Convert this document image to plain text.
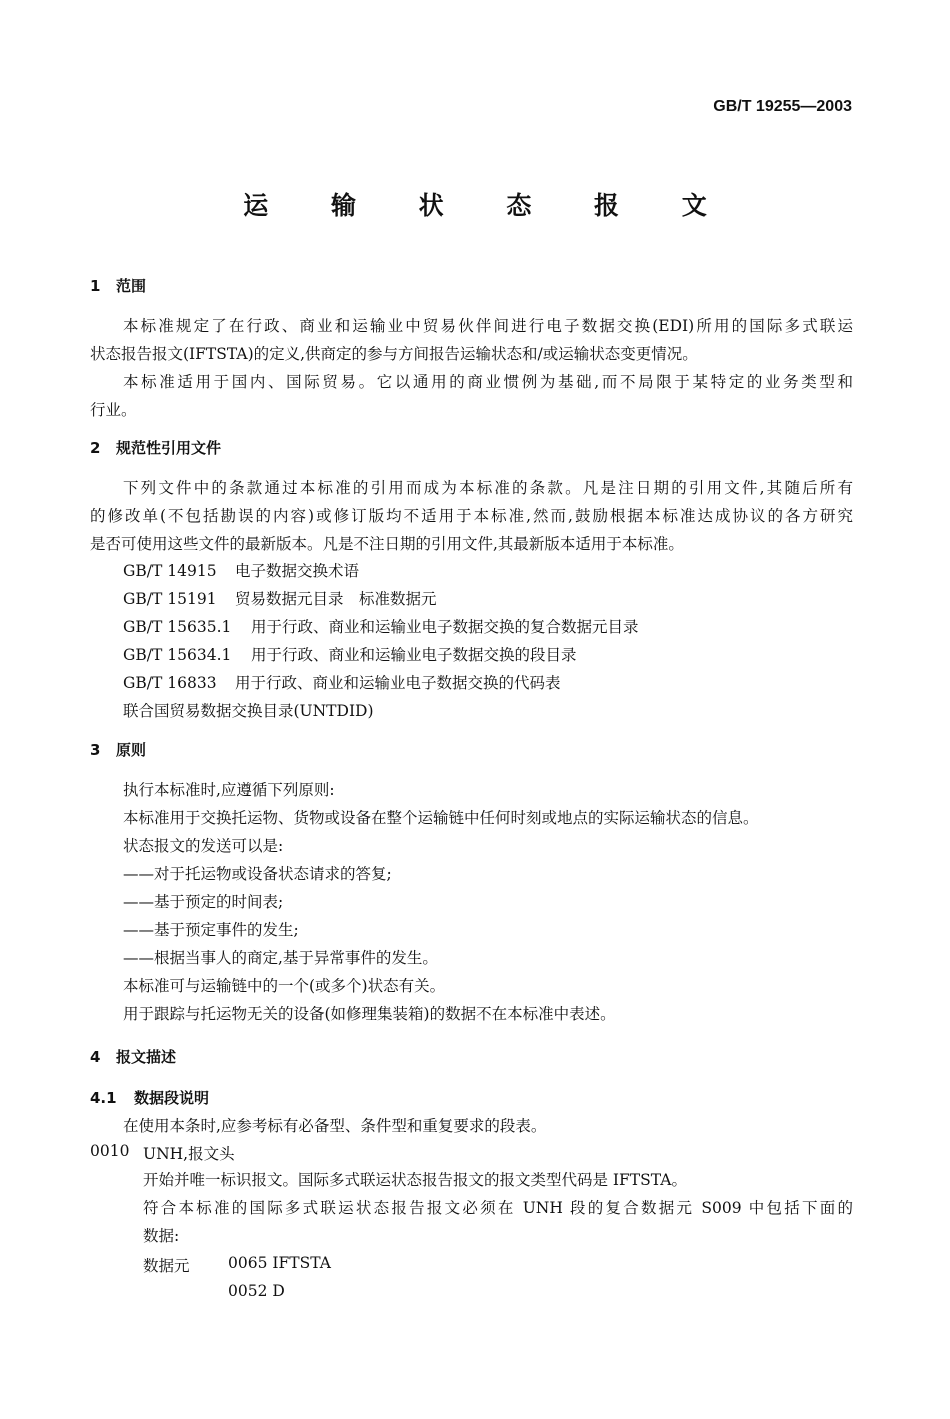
GB/T 19255—2003
运 输 状 态 报 文
1 范围
本标准规定了在行政、商业和运输业中贸易伙伴间进行电子数据交换(EDI)所用的国际多式联运
状态报告报文(IFTSTA)的定义,供商定的参与方间报告运输状态和/或运输状态变更情况。
本标准适用于国内、国际贸易。它以通用的商业惯例为基础,而不局限于某特定的业务类型和
行业。
2 规范性引用文件
下列文件中的条款通过本标准的引用而成为本标准的条款。凡是注日期的引用文件,其随后所有
的修改单(不包括勘误的内容)或修订版均不适用于本标准,然而,鼓励根据本标准达成协议的各方研究
是否可使用这些文件的最新版本。凡是不注日期的引用文件,其最新版本适用于本标准。
GB/T 14915 电子数据交换术语
GB/T 15191 贸易数据元目录　标准数据元
GB/T 15635.1 用于行政、商业和运输业电子数据交换的复合数据元目录
GB/T 15634.1 用于行政、商业和运输业电子数据交换的段目录
GB/T 16833 用于行政、商业和运输业电子数据交换的代码表
联合国贸易数据交换目录(UNTDID)
3 原则
执行本标准时,应遵循下列原则:
本标准用于交换托运物、货物或设备在整个运输链中任何时刻或地点的实际运输状态的信息。
状态报文的发送可以是:
——对于托运物或设备状态请求的答复;
——基于预定的时间表;
——基于预定事件的发生;
——根据当事人的商定,基于异常事件的发生。
本标准可与运输链中的一个(或多个)状态有关。
用于跟踪与托运物无关的设备(如修理集装箱)的数据不在本标准中表述。
4 报文描述
4.1 数据段说明
在使用本条时,应参考标有必备型、条件型和重复要求的段表。
0010 UNH,报文头
开始并唯一标识报文。国际多式联运状态报告报文的报文类型代码是 IFTSTA。
符合本标准的国际多式联运状态报告报文必须在 UNH 段的复合数据元 S009 中包括下面的
数据:
数据元 0065 IFTSTA
0052 D
